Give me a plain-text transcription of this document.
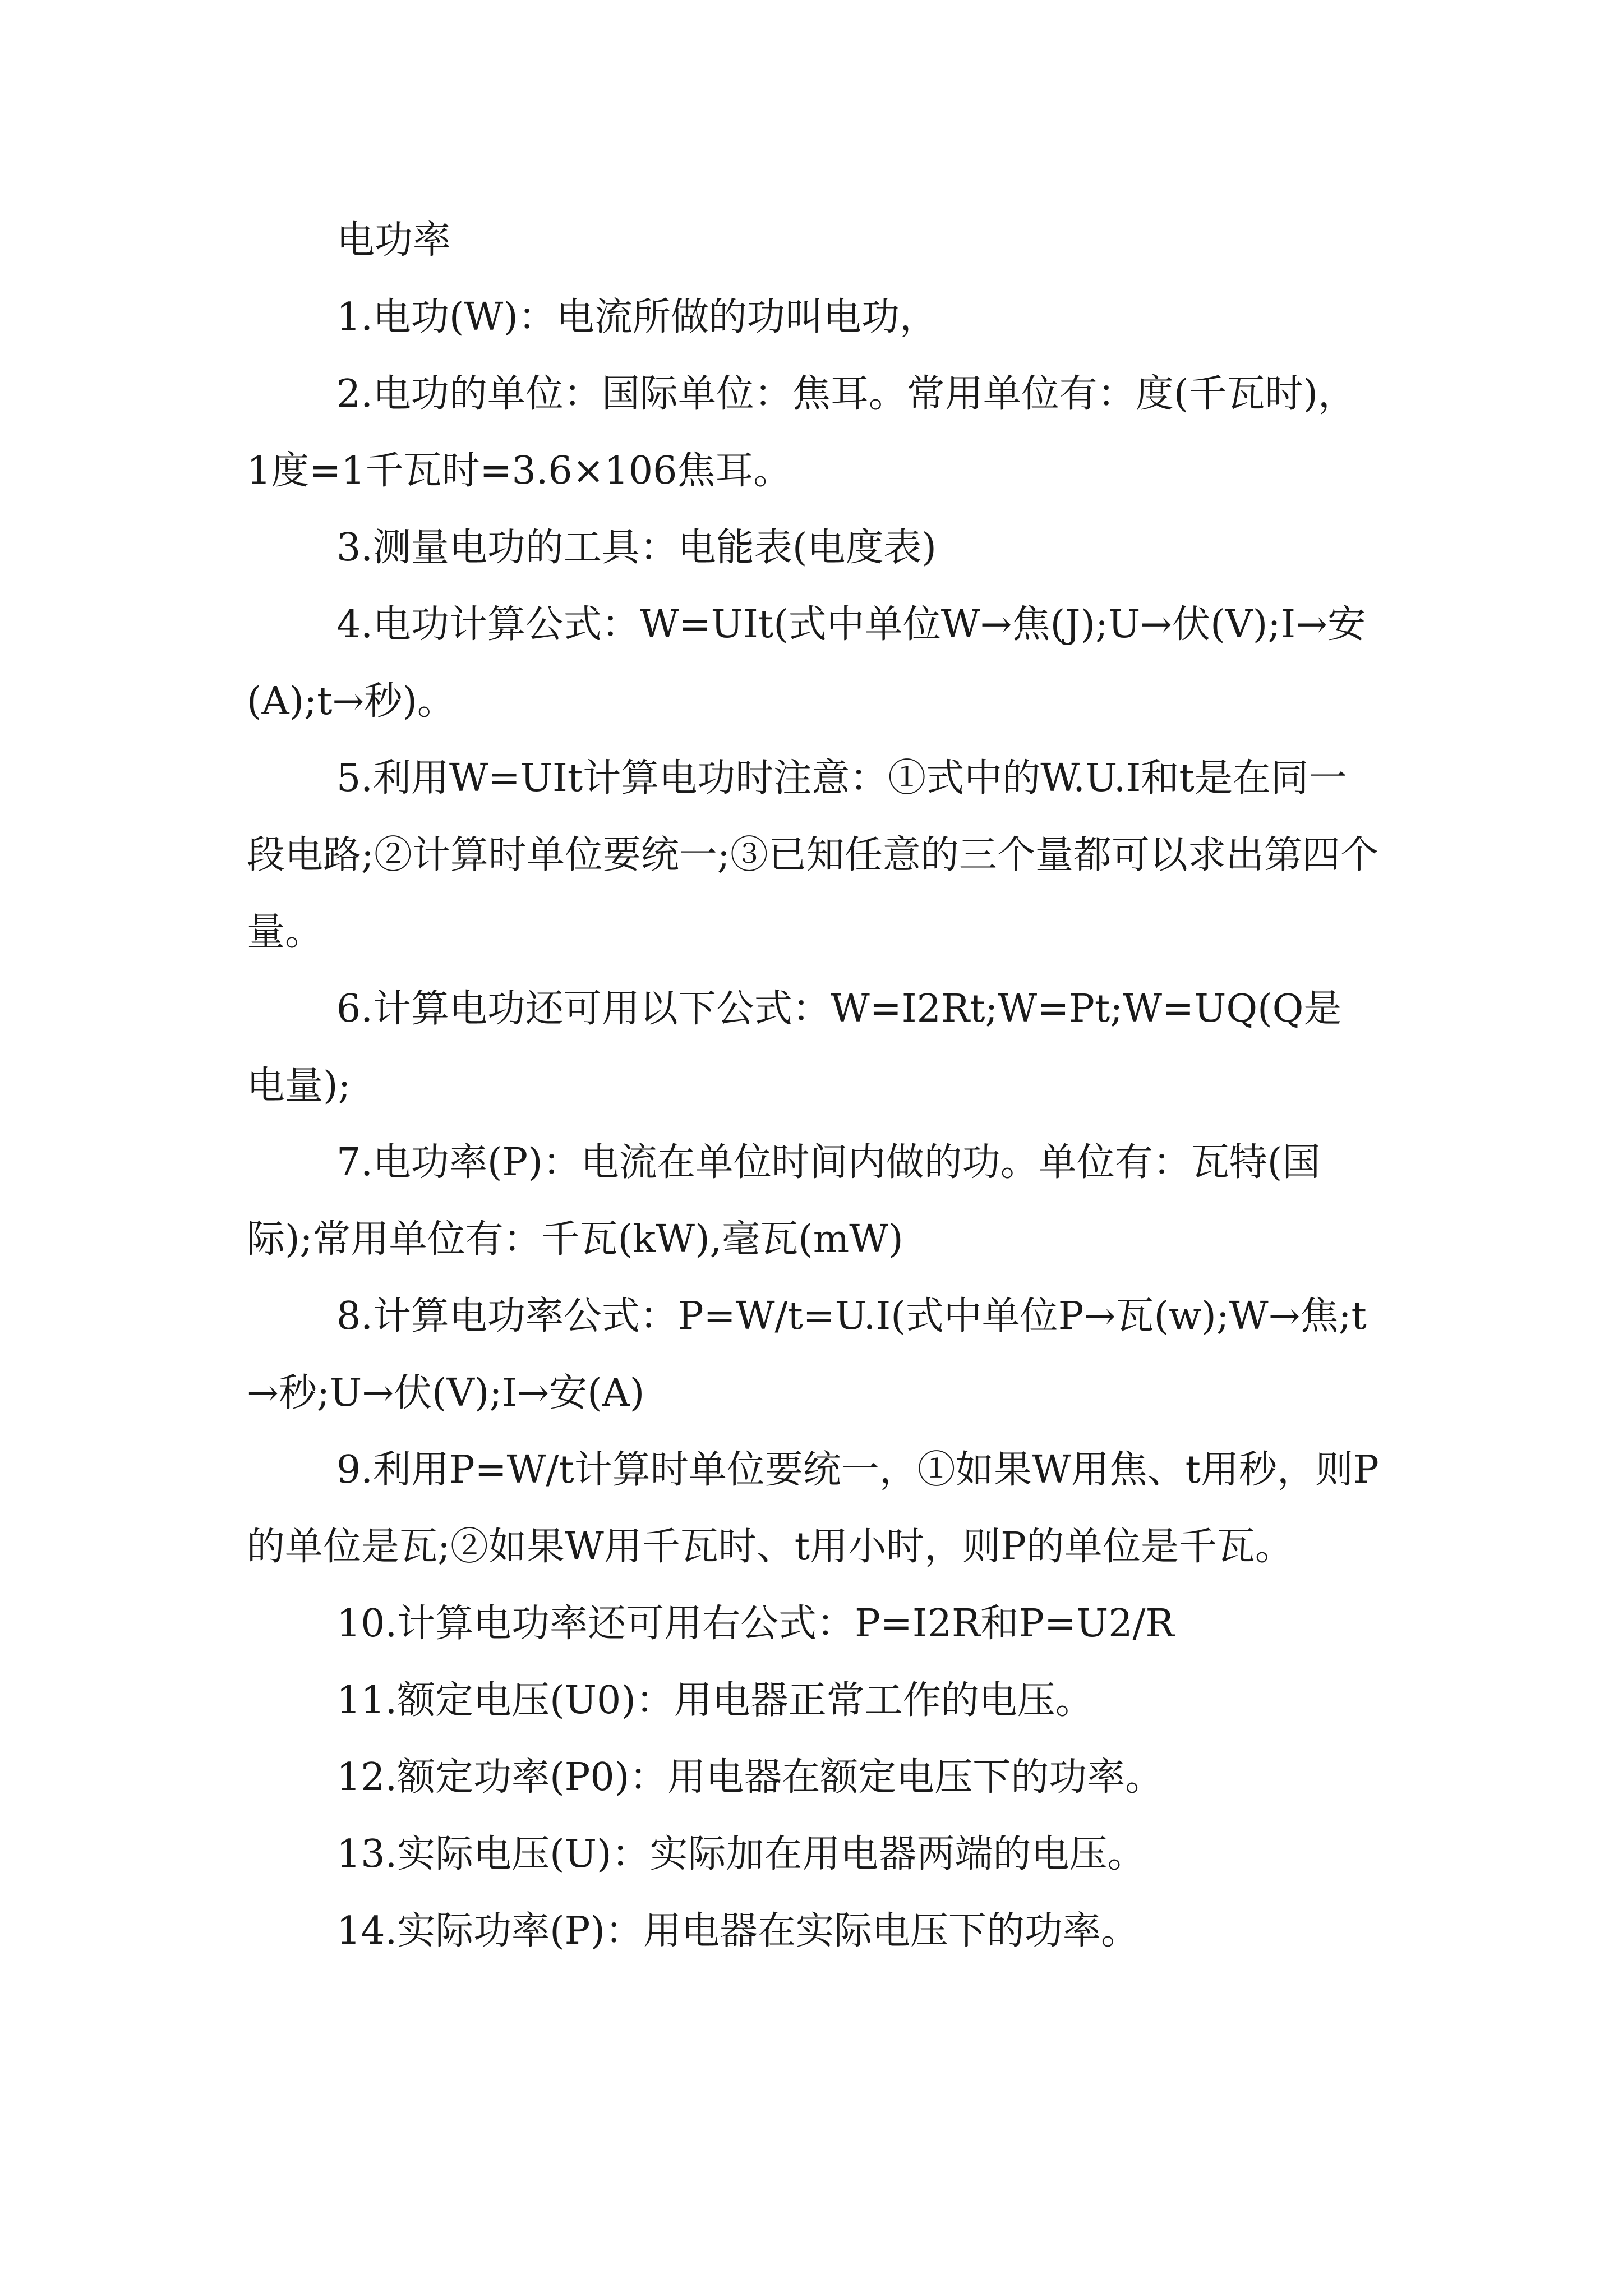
电功率

1.电功(W)：电流所做的功叫电功，

2.电功的单位：国际单位：焦耳。常用单位有：度(千瓦时)，1度=1千瓦时=3.6×106焦耳。

3.测量电功的工具：电能表(电度表)

4.电功计算公式：W=UIt(式中单位W→焦(J);U→伏(V);I→安(A);t→秒)。

5.利用W=UIt计算电功时注意：①式中的W.U.I和t是在同一段电路;②计算时单位要统一;③已知任意的三个量都可以求出第四个量。

6.计算电功还可用以下公式：W=I2Rt;W=Pt;W=UQ(Q是电量);

7.电功率(P)：电流在单位时间内做的功。单位有：瓦特(国际);常用单位有：千瓦(kW),毫瓦(mW)

8.计算电功率公式：P=W/t=U.I(式中单位P→瓦(w);W→焦;t→秒;U→伏(V);I→安(A)

9.利用P=W/t计算时单位要统一，①如果W用焦、t用秒，则P的单位是瓦;②如果W用千瓦时、t用小时，则P的单位是千瓦。

10.计算电功率还可用右公式：P=I2R和P=U2/R

11.额定电压(U0)：用电器正常工作的电压。

12.额定功率(P0)：用电器在额定电压下的功率。

13.实际电压(U)：实际加在用电器两端的电压。

14.实际功率(P)：用电器在实际电压下的功率。
